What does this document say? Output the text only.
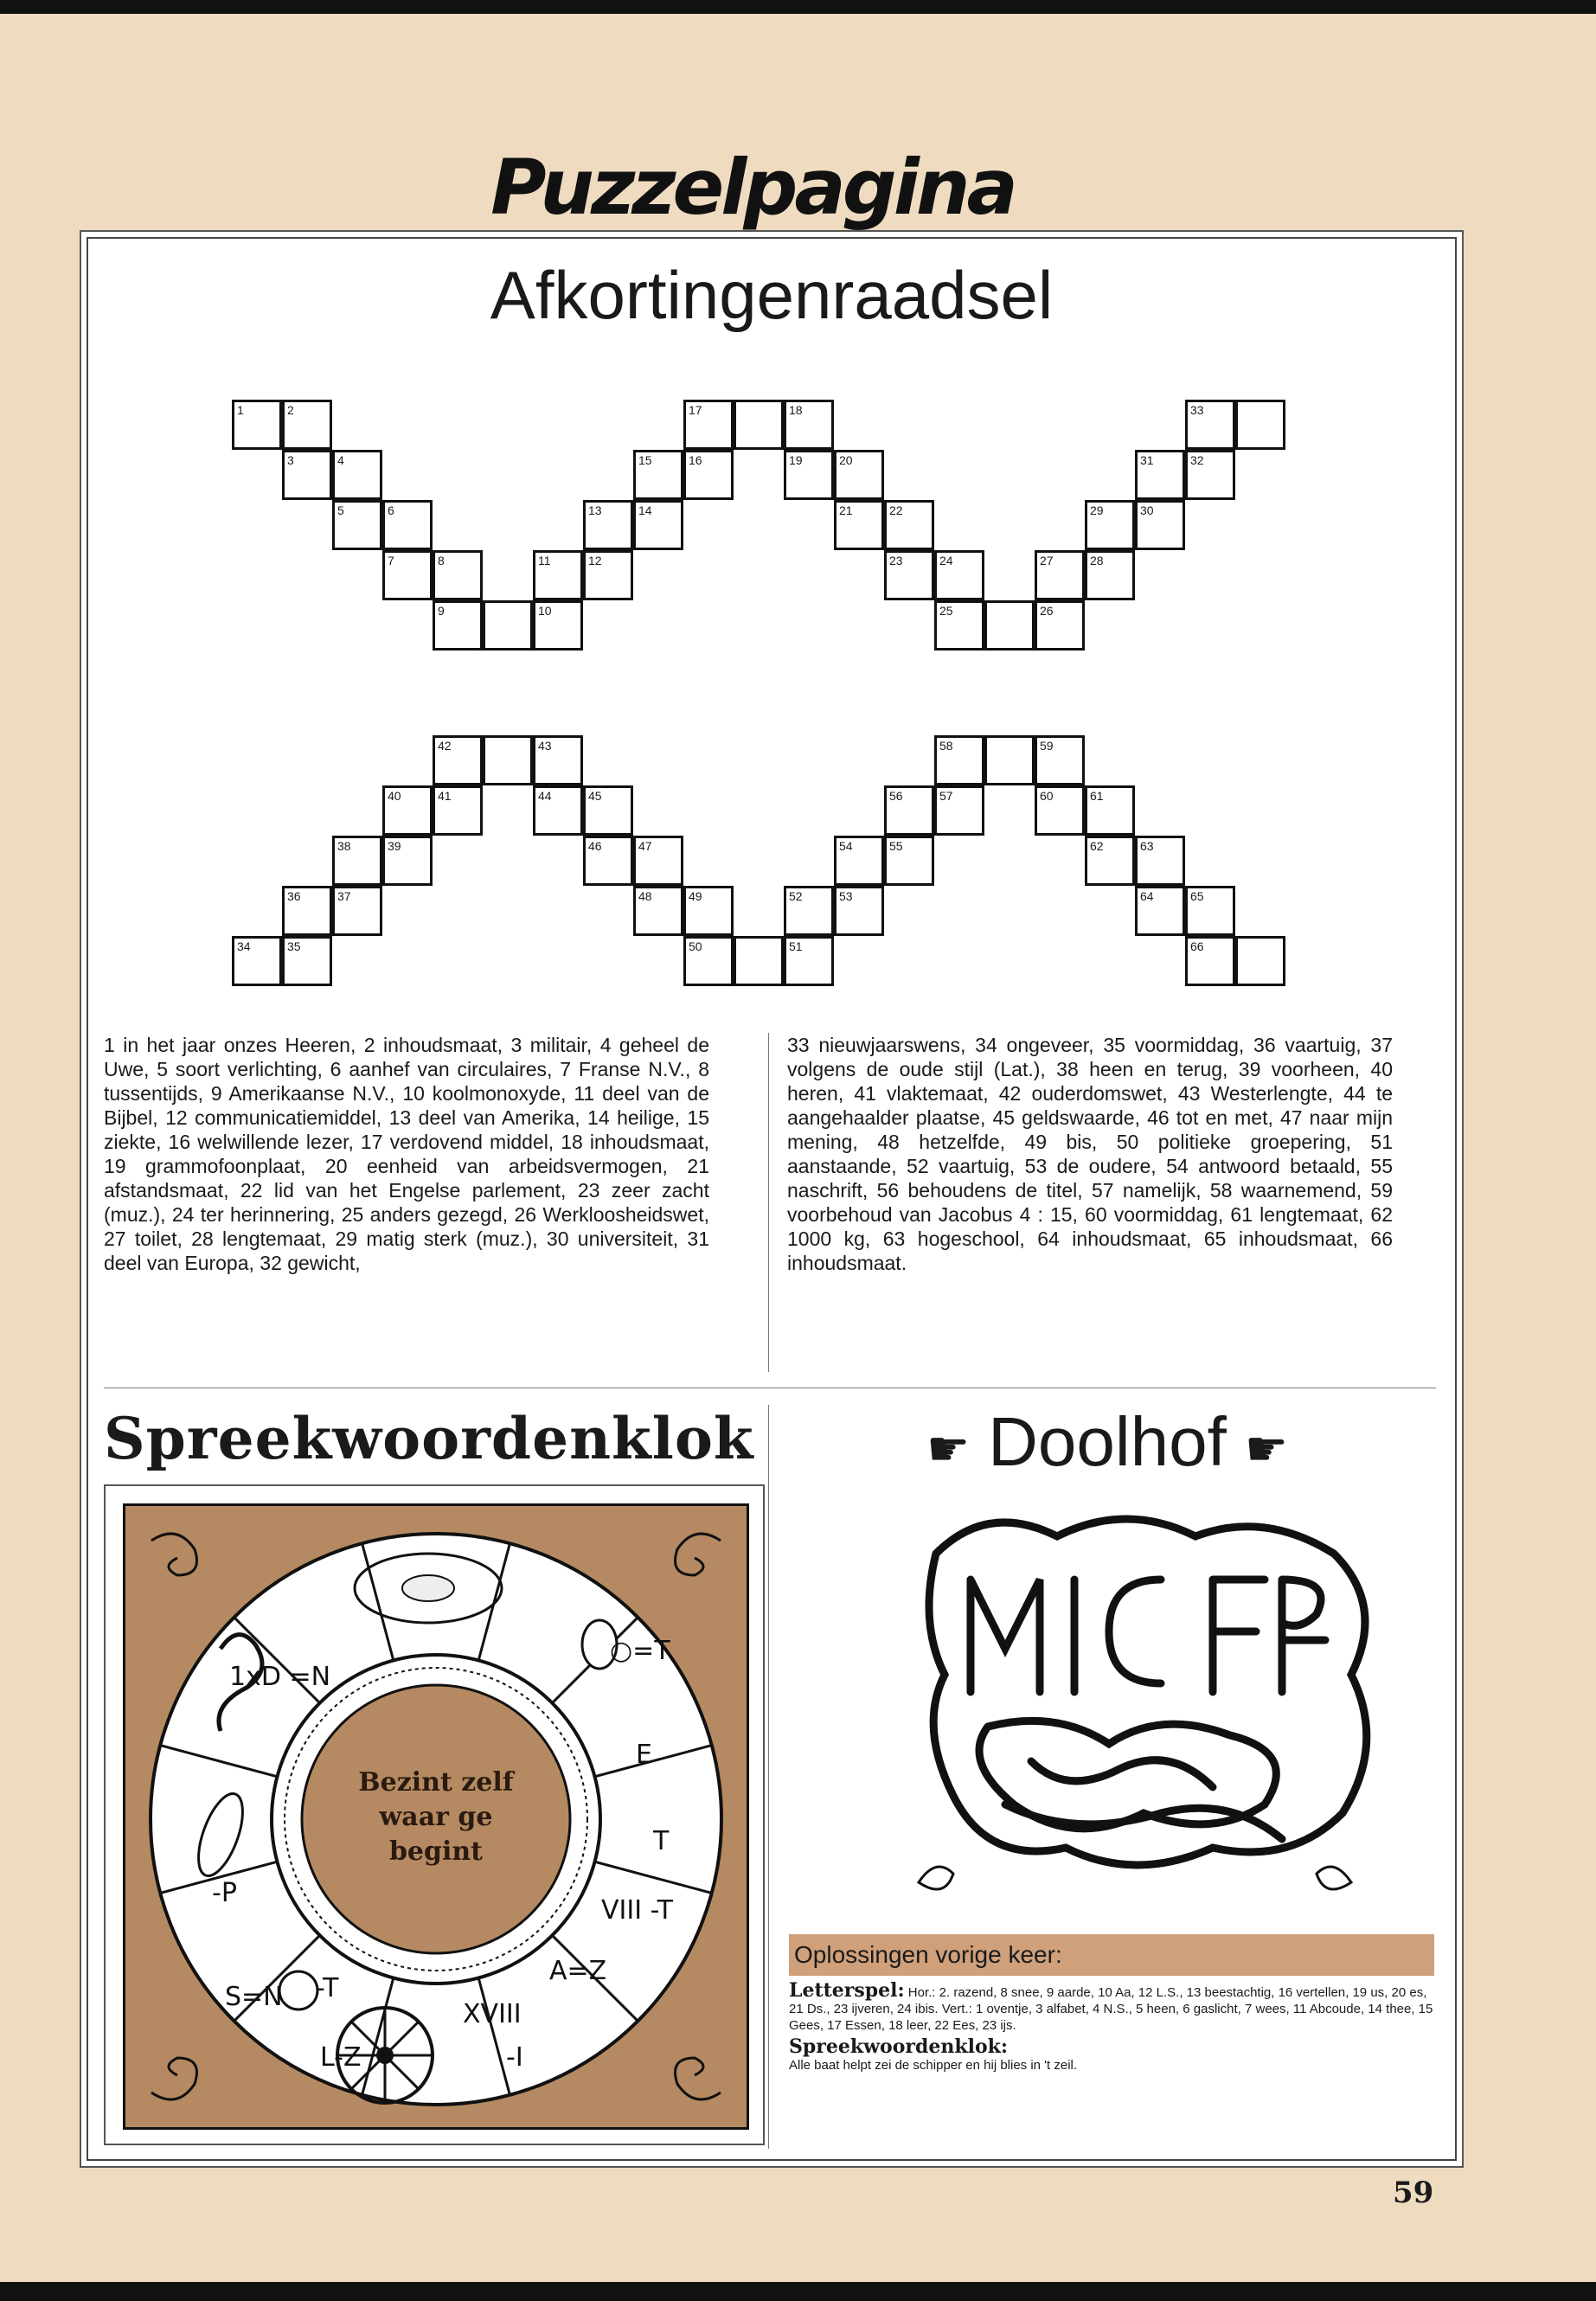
Puzzelpagina
Afkortingenraadsel
1	2
3	4
5	6
7	8
9	10
11	12
13	14
15	16
17	18
19	20
21	22
23	24
25	26
27	28
29	30
31	32
33
34	35
36	37
38	39
40	41
42	43
44	45
46	47
48	49
50	51
52	53
54	55
56	57
58	59
60	61
62	63
64	65
66
1 in het jaar onzes Heeren, 2 inhoudsmaat, 3 militair, 4 geheel de Uwe, 5 soort verlichting, 6 aanhef van circulaires, 7 Franse N.V., 8 tussentijds, 9 Amerikaanse N.V., 10 koolmonoxyde, 11 deel van de Bijbel, 12 communicatiemiddel, 13 deel van Amerika, 14 heilige, 15 ziekte, 16 welwillende lezer, 17 verdovend middel, 18 inhoudsmaat, 19 grammofoonplaat, 20 eenheid van arbeidsvermogen, 21 afstandsmaat, 22 lid van het Engelse parlement, 23 zeer zacht (muz.), 24 ter herinnering, 25 anders gezegd, 26 Werkloosheidswet, 27 toilet, 28 lengtemaat, 29 matig sterk (muz.), 30 universiteit, 31 deel van Europa, 32 gewicht,
33 nieuwjaarswens, 34 ongeveer, 35 voormiddag, 36 vaartuig, 37 volgens de oude stijl (Lat.), 38 heen en terug, 39 voorheen, 40 heren, 41 vlaktemaat, 42 ouderdomswet, 43 Westerlengte, 44 te aangehaalder plaatse, 45 geldswaarde, 46 tot en met, 47 naar mijn mening, 48 hetzelfde, 49 bis, 50 politieke groepering, 51 aanstaande, 52 vaartuig, 53 de oudere, 54 antwoord betaald, 55 naschrift, 56 behoudens de titel, 57 namelijk, 58 waarnemend, 59 voorbehoud van Jacobus 4 : 15, 60 voormiddag, 61 lengtemaat, 62 1000 kg, 63 hogeschool, 64 inhoudsmaat, 65 inhoudsmaat, 66 inhoudsmaat.
Spreekwoordenklok	☛ Doolhof ☛
1xD =N
○=T
E
T
VIII -T
A=Z
XVIII
-I
L-Z
-T
S=N
-P
Bezint zelf
waar ge
begint
Oplossingen vorige keer:
Letterspel: Hor.: 2. razend, 8 snee, 9 aarde, 10 Aa, 12 L.S., 13 beestachtig, 16 vertellen, 19 us, 20 es, 21 Ds., 23 ijveren, 24 ibis. Vert.: 1 oventje, 3 alfabet, 4 N.S., 5 heen, 6 gaslicht, 7 wees, 11 Abcoude, 14 thee, 15 Gees, 17 Essen, 18 leer, 22 Ees, 23 ijs.
Spreekwoordenklok:
Alle baat helpt zei de schipper en hij blies in 't zeil.
59
